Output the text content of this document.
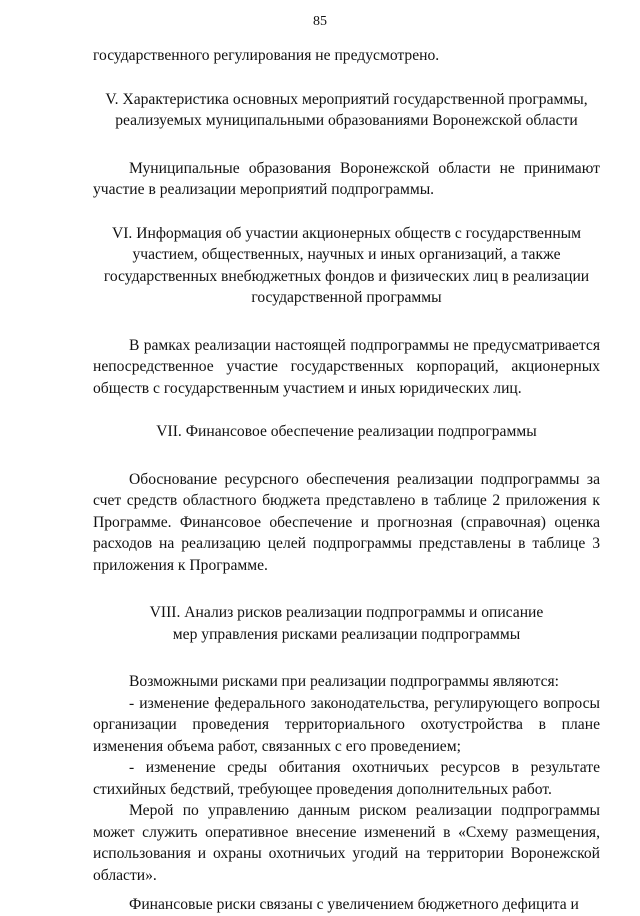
85

государственного регулирования не предусмотрено.

V. Характеристика основных мероприятий государственной программы,
реализуемых муниципальными образованиями Воронежской области

Муниципальные образования Воронежской области не принимают участие в реализации мероприятий подпрограммы.

VI. Информация об участии акционерных обществ с государственным
участием, общественных, научных и иных организаций, а также
государственных внебюджетных фондов и физических лиц в реализации
государственной программы

В рамках реализации настоящей подпрограммы не предусматривается непосредственное участие государственных корпораций, акционерных обществ с государственным участием и иных юридических лиц.

VII. Финансовое обеспечение реализации подпрограммы

Обоснование ресурсного обеспечения реализации подпрограммы за счет средств областного бюджета представлено в таблице 2 приложения к Программе. Финансовое обеспечение и прогнозная (справочная) оценка расходов на реализацию целей подпрограммы представлены в таблице 3 приложения к Программе.

VIII. Анализ рисков реализации подпрограммы и описание
мер управления рисками реализации подпрограммы

Возможными рисками при реализации подпрограммы являются:

- изменение федерального законодательства, регулирующего вопросы организации проведения территориального охотустройства в плане изменения объема работ, связанных с его проведением;

- изменение среды обитания охотничьих ресурсов в результате стихийных бедствий, требующее проведения дополнительных работ.

Мерой по управлению данным риском реализации подпрограммы может служить оперативное внесение изменений в «Схему размещения, использования и охраны охотничьих угодий на территории Воронежской области».

Финансовые риски связаны с увеличением бюджетного дефицита и
